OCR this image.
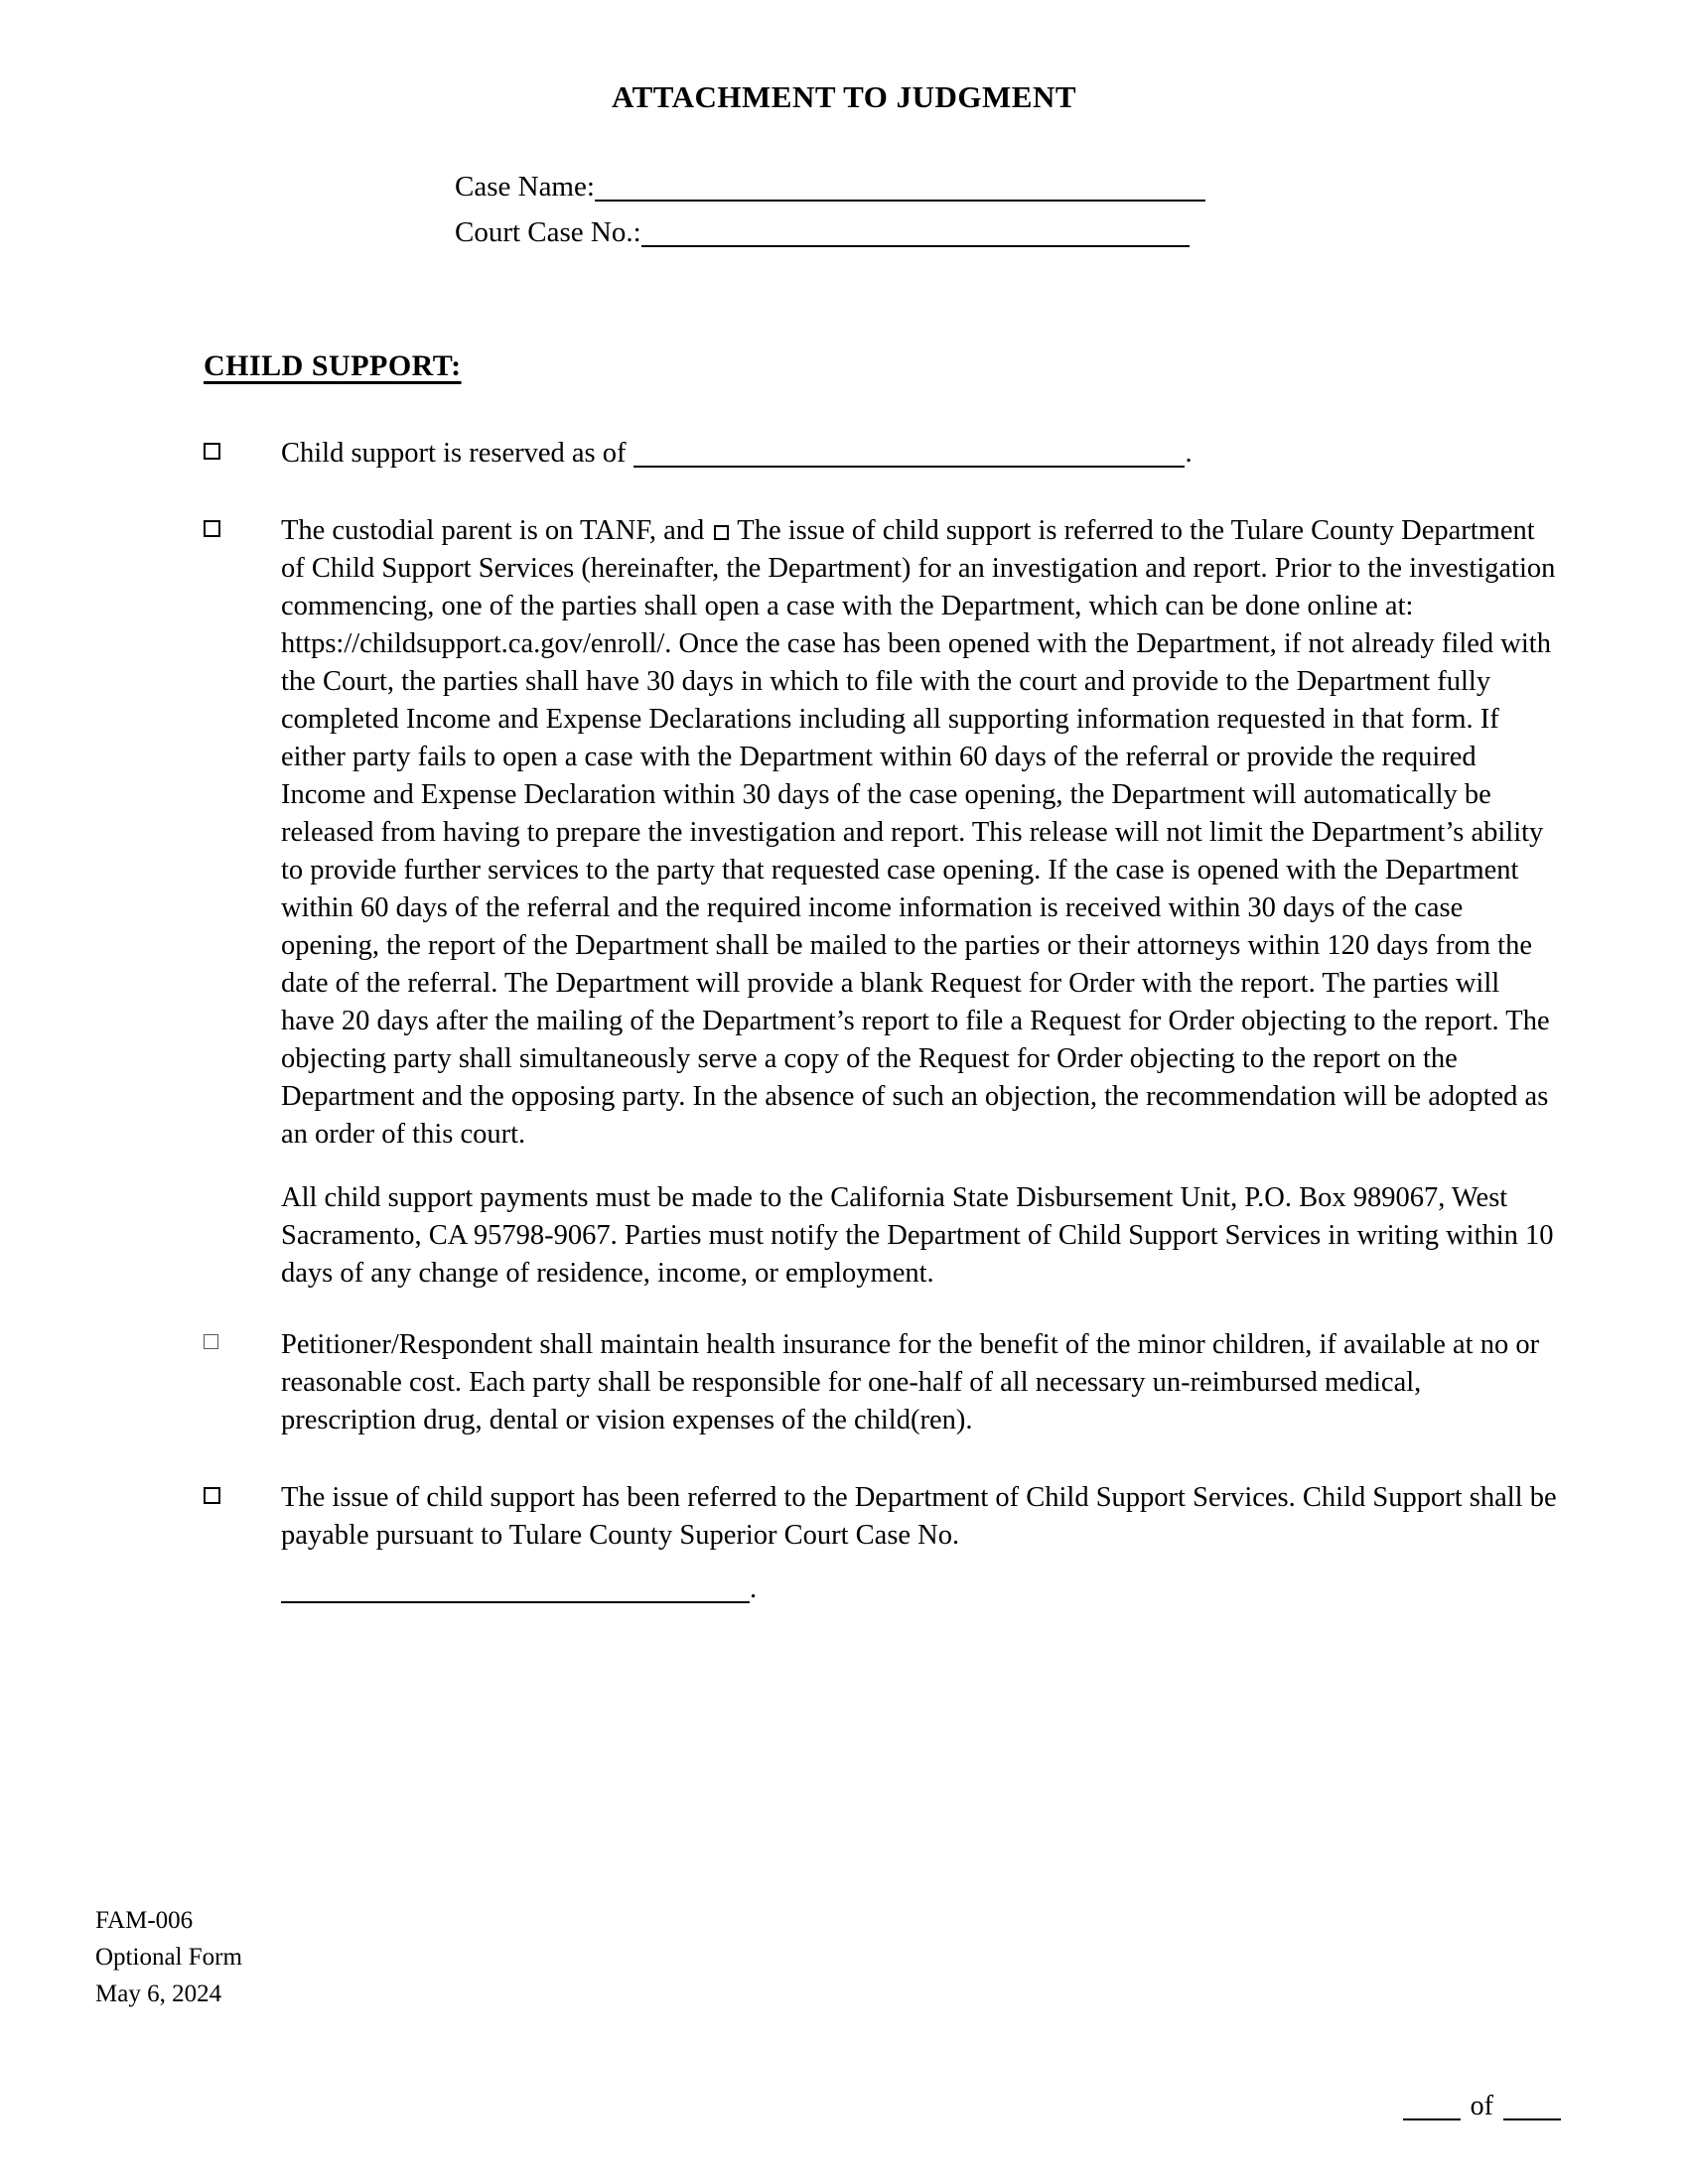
ATTACHMENT TO JUDGMENT
Case Name:
Court Case No.:
CHILD SUPPORT:
Child support is reserved as of	.
The custodial parent is on TANF, and The issue of child support is referred to the Tulare County Department of Child Support Services (hereinafter, the Department) for an investigation and report. Prior to the investigation commencing, one of the parties shall open a case with the Department, which can be done online at: https://childsupport.ca.gov/enroll/. Once the case has been opened with the Department, if not already filed with the Court, the parties shall have 30 days in which to file with the court and provide to the Department fully completed Income and Expense Declarations including all supporting information requested in that form. If either party fails to open a case with the Department within 60 days of the referral or provide the required Income and Expense Declaration within 30 days of the case opening, the Department will automatically be released from having to prepare the investigation and report. This release will not limit the Department’s ability to provide further services to the party that requested case opening. If the case is opened with the Department within 60 days of the referral and the required income information is received within 30 days of the case opening, the report of the Department shall be mailed to the parties or their attorneys within 120 days from the date of the referral. The Department will provide a blank Request for Order with the report. The parties will have 20 days after the mailing of the Department’s report to file a Request for Order objecting to the report. The objecting party shall simultaneously serve a copy of the Request for Order objecting to the report on the Department and the opposing party. In the absence of such an objection, the recommendation will be adopted as an order of this court.
All child support payments must be made to the California State Disbursement Unit, P.O. Box 989067, West Sacramento, CA 95798-9067. Parties must notify the Department of Child Support Services in writing within 10 days of any change of residence, income, or employment.
Petitioner/Respondent shall maintain health insurance for the benefit of the minor children, if available at no or reasonable cost. Each party shall be responsible for one-half of all necessary un-reimbursed medical, prescription drug, dental or vision expenses of the child(ren).
The issue of child support has been referred to the Department of Child Support Services. Child Support shall be payable pursuant to Tulare County Superior Court Case No.
.
FAM-006
Optional Form
May 6, 2024
of
